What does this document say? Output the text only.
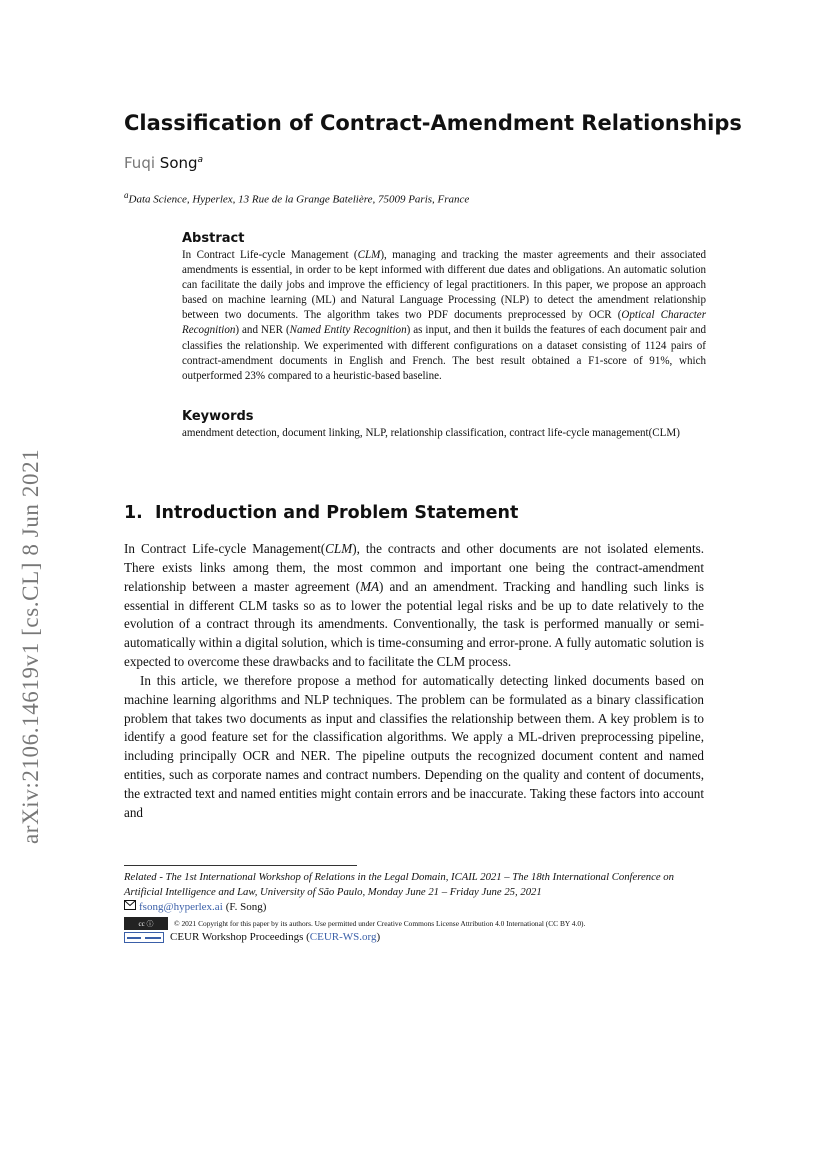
arXiv:2106.14619v1 [cs.CL] 8 Jun 2021
Classification of Contract-Amendment Relationships
Fuqi Song$^a$
$^a$Data Science, Hyperlex, 13 Rue de la Grange Batelière, 75009 Paris, France
Abstract

In Contract Life-cycle Management (CLM), managing and tracking the master agreements and their associated amendments is essential, in order to be kept informed with different due dates and obligations. An automatic solution can facilitate the daily jobs and improve the efficiency of legal practitioners. In this paper, we propose an approach based on machine learning (ML) and Natural Language Processing (NLP) to detect the amendment relationship between two documents. The algorithm takes two PDF documents preprocessed by OCR (Optical Character Recognition) and NER (Named Entity Recognition) as input, and then it builds the features of each document pair and classifies the relationship. We experimented with different configurations on a dataset consisting of 1124 pairs of contract-amendment documents in English and French. The best result obtained a F1-score of 91%, which outperformed 23% compared to a heuristic-based baseline.

Keywords

amendment detection, document linking, NLP, relationship classification, contract life-cycle management(CLM)

1. Introduction and Problem Statement

In Contract Life-cycle Management(CLM), the contracts and other documents are not isolated elements. There exists links among them, the most common and important one being the contract-amendment relationship between a master agreement (MA) and an amendment. Tracking and handling such links is essential in different CLM tasks so as to lower the potential legal risks and be up to date relatively to the evolution of a contract through its amendments. Conventionally, the task is performed manually or semi-automatically within a digital solution, which is time-consuming and error-prone. A fully automatic solution is expected to overcome these drawbacks and to facilitate the CLM process.

In this article, we therefore propose a method for automatically detecting linked documents based on machine learning algorithms and NLP techniques. The problem can be formulated as a binary classification problem that takes two documents as input and classifies the relationship between them. A key problem is to identify a good feature set for the classification algorithms. We apply a ML-driven preprocessing pipeline, including principally OCR and NER. The pipeline outputs the recognized document content and named entities, such as corporate names and contract numbers. Depending on the quality and content of documents, the extracted text and named entities might contain errors and be inaccurate. Taking these factors into account and

Related - The 1st International Workshop of Relations in the Legal Domain, ICAIL 2021 – The 18th International Conference on Artificial Intelligence and Law, University of São Paulo, Monday June 21 – Friday June 25, 2021

fsong@hyperlex.ai (F. Song)
cc ⓘ	© 2021 Copyright for this paper by its authors. Use permitted under Creative Commons License Attribution 4.0 International (CC BY 4.0).
CEUR Workshop Proceedings (CEUR-WS.org)
